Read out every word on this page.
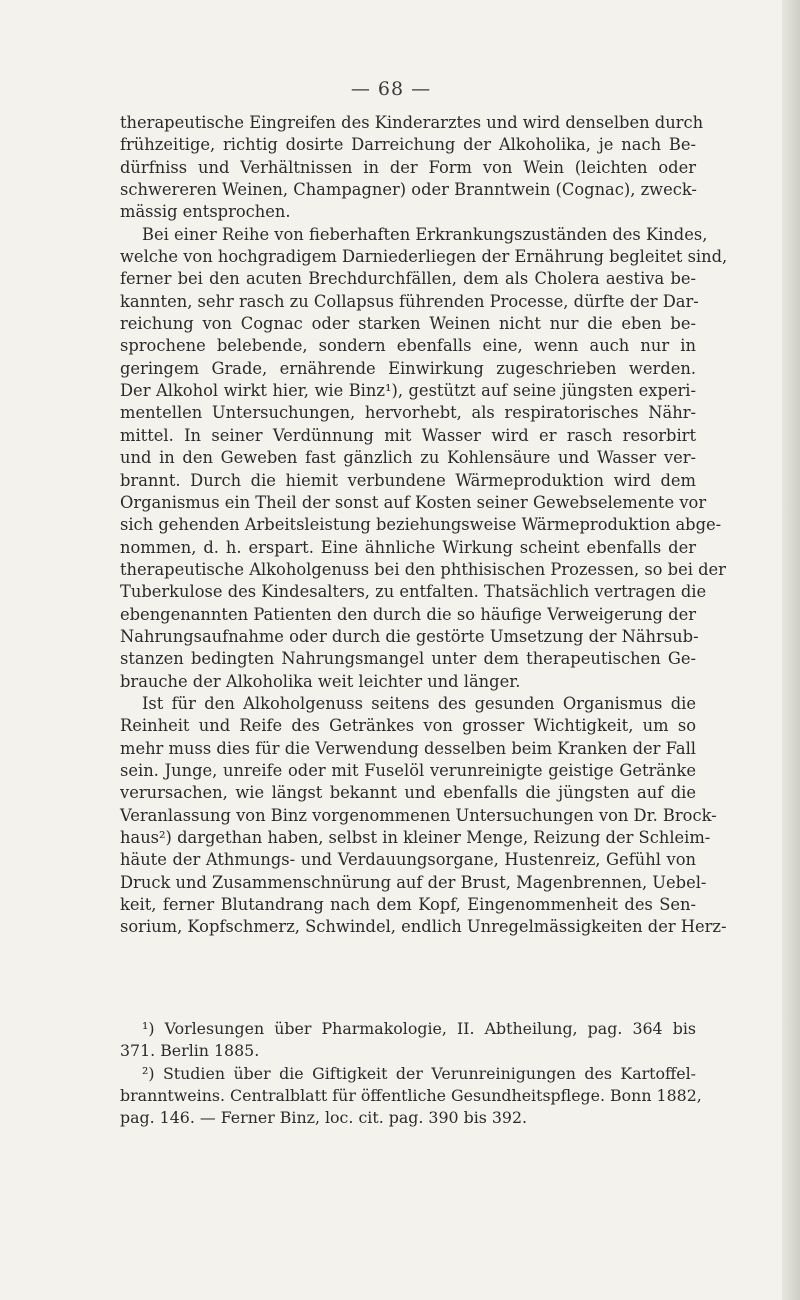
— 68 —
therapeutische Eingreifen des Kinderarztes und wird denselben durch
frühzeitige, richtig dosirte Darreichung der Alkoholika, je nach Be-
dürfniss und Verhältnissen in der Form von Wein (leichten oder
schwereren Weinen, Champagner) oder Branntwein (Cognac), zweck-
mässig entsprochen.
Bei einer Reihe von fieberhaften Erkrankungszuständen des Kindes,
welche von hochgradigem Darniederliegen der Ernährung begleitet sind,
ferner bei den acuten Brechdurchfällen, dem als Cholera aestiva be-
kannten, sehr rasch zu Collapsus führenden Processe, dürfte der Dar-
reichung von Cognac oder starken Weinen nicht nur die eben be-
sprochene belebende, sondern ebenfalls eine, wenn auch nur in
geringem Grade, ernährende Einwirkung zugeschrieben werden.
Der Alkohol wirkt hier, wie Binz¹), gestützt auf seine jüngsten experi-
mentellen Untersuchungen, hervorhebt, als respiratorisches Nähr-
mittel. In seiner Verdünnung mit Wasser wird er rasch resorbirt
und in den Geweben fast gänzlich zu Kohlensäure und Wasser ver-
brannt. Durch die hiemit verbundene Wärmeproduktion wird dem
Organismus ein Theil der sonst auf Kosten seiner Gewebselemente vor
sich gehenden Arbeitsleistung beziehungsweise Wärmeproduktion abge-
nommen, d. h. erspart. Eine ähnliche Wirkung scheint ebenfalls der
therapeutische Alkoholgenuss bei den phthisischen Prozessen, so bei der
Tuberkulose des Kindesalters, zu entfalten. Thatsächlich vertragen die
ebengenannten Patienten den durch die so häufige Verweigerung der
Nahrungsaufnahme oder durch die gestörte Umsetzung der Nährsub-
stanzen bedingten Nahrungsmangel unter dem therapeutischen Ge-
brauche der Alkoholika weit leichter und länger.
Ist für den Alkoholgenuss seitens des gesunden Organismus die
Reinheit und Reife des Getränkes von grosser Wichtigkeit, um so
mehr muss dies für die Verwendung desselben beim Kranken der Fall
sein. Junge, unreife oder mit Fuselöl verunreinigte geistige Getränke
verursachen, wie längst bekannt und ebenfalls die jüngsten auf die
Veranlassung von Binz vorgenommenen Untersuchungen von Dr. Brock-
haus²) dargethan haben, selbst in kleiner Menge, Reizung der Schleim-
häute der Athmungs- und Verdauungsorgane, Hustenreiz, Gefühl von
Druck und Zusammenschnürung auf der Brust, Magenbrennen, Uebel-
keit, ferner Blutandrang nach dem Kopf, Eingenommenheit des Sen-
sorium, Kopfschmerz, Schwindel, endlich Unregelmässigkeiten der Herz-
¹) Vorlesungen über Pharmakologie, II. Abtheilung, pag. 364 bis
371. Berlin 1885.
²) Studien über die Giftigkeit der Verunreinigungen des Kartoffel-
branntweins. Centralblatt für öffentliche Gesundheitspflege. Bonn 1882,
pag. 146. — Ferner Binz, loc. cit. pag. 390 bis 392.
